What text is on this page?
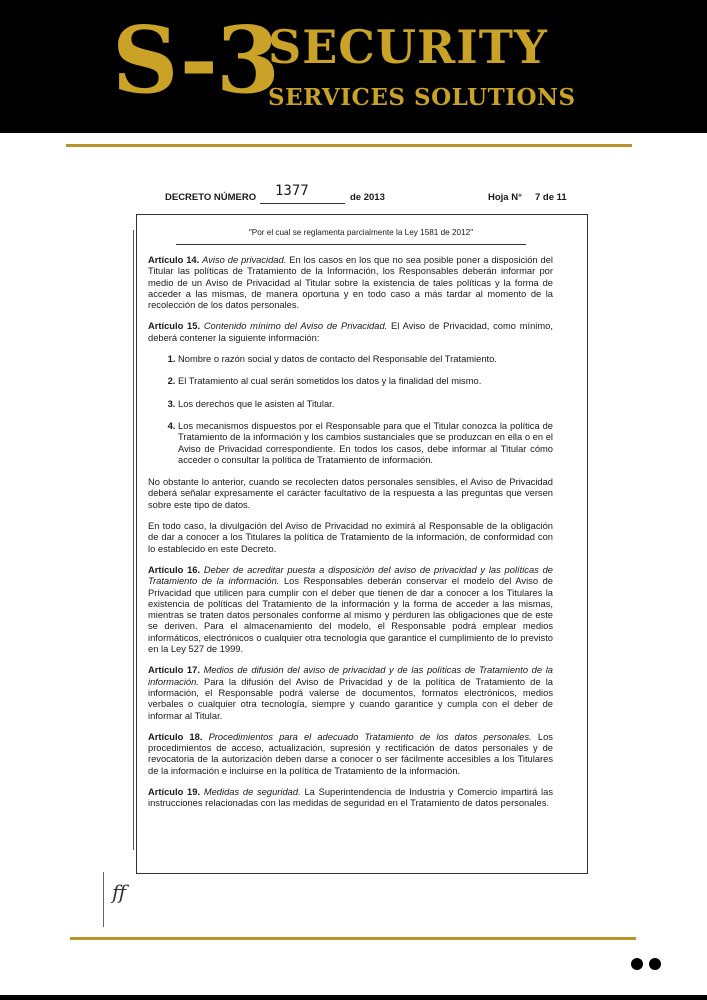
S-3
SECURITY
SERVICES SOLUTIONS
DECRETO NÚMERO 1377	de 2013	Hoja N° 7 de 11
"Por el cual se reglamenta parcialmente la Ley 1581 de 2012"

Artículo 14. Aviso de privacidad. En los casos en los que no sea posible poner a disposición del Titular las políticas de Tratamiento de la Información, los Responsables deberán informar por medio de un Aviso de Privacidad al Titular sobre la existencia de tales políticas y la forma de acceder a las mismas, de manera oportuna y en todo caso a más tardar al momento de la recolección de los datos personales.

Artículo 15. Contenido mínimo del Aviso de Privacidad. El Aviso de Privacidad, como mínimo, deberá contener la siguiente información:

1. Nombre o razón social y datos de contacto del Responsable del Tratamiento.
2. El Tratamiento al cual serán sometidos los datos y la finalidad del mismo.
3. Los derechos que le asisten al Titular.
4. Los mecanismos dispuestos por el Responsable para que el Titular conozca la política de Tratamiento de la información y los cambios sustanciales que se produzcan en ella o en el Aviso de Privacidad correspondiente. En todos los casos, debe informar al Titular cómo acceder o consultar la política de Tratamiento de información.

No obstante lo anterior, cuando se recolecten datos personales sensibles, el Aviso de Privacidad deberá señalar expresamente el carácter facultativo de la respuesta a las preguntas que versen sobre este tipo de datos.

En todo caso, la divulgación del Aviso de Privacidad no eximirá al Responsable de la obligación de dar a conocer a los Titulares la política de Tratamiento de la información, de conformidad con lo establecido en este Decreto.

Artículo 16. Deber de acreditar puesta a disposición del aviso de privacidad y las políticas de Tratamiento de la información. Los Responsables deberán conservar el modelo del Aviso de Privacidad que utilicen para cumplir con el deber que tienen de dar a conocer a los Titulares la existencia de políticas del Tratamiento de la información y la forma de acceder a las mismas, mientras se traten datos personales conforme al mismo y perduren las obligaciones que de este se deriven. Para el almacenamiento del modelo, el Responsable podrá emplear medios informáticos, electrónicos o cualquier otra tecnología que garantice el cumplimiento de lo previsto en la Ley 527 de 1999.

Artículo 17. Medios de difusión del aviso de privacidad y de las políticas de Tratamiento de la información. Para la difusión del Aviso de Privacidad y de la política de Tratamiento de la información, el Responsable podrá valerse de documentos, formatos electrónicos, medios verbales o cualquier otra tecnología, siempre y cuando garantice y cumpla con el deber de informar al Titular.

Artículo 18. Procedimientos para el adecuado Tratamiento de los datos personales. Los procedimientos de acceso, actualización, supresión y rectificación de datos personales y de revocatoria de la autorización deben darse a conocer o ser fácilmente accesibles a los Titulares de la información e incluirse en la política de Tratamiento de la información.

Artículo 19. Medidas de seguridad. La Superintendencia de Industria y Comercio impartirá las instrucciones relacionadas con las medidas de seguridad en el Tratamiento de datos personales.

ff
